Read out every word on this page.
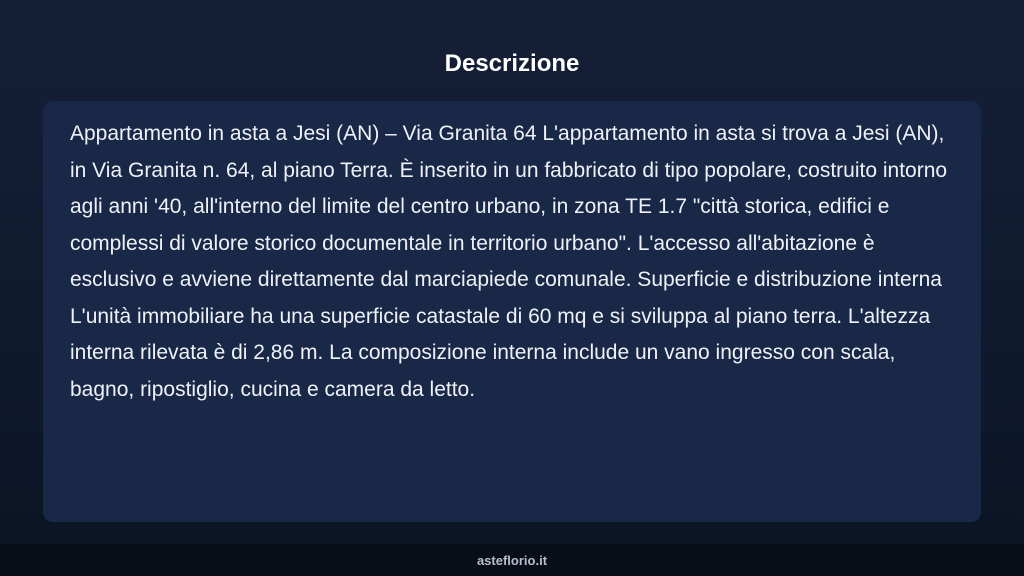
Descrizione

Appartamento in asta a Jesi (AN) – Via Granita 64 L'appartamento in asta si trova a Jesi (AN), in Via Granita n. 64, al piano Terra. È inserito in un fabbricato di tipo popolare, costruito intorno agli anni '40, all'interno del limite del centro urbano, in zona TE 1.7 "città storica, edifici e complessi di valore storico documentale in territorio urbano". L'accesso all'abitazione è esclusivo e avviene direttamente dal marciapiede comunale. Superficie e distribuzione interna L'unità immobiliare ha una superficie catastale di 60 mq e si sviluppa al piano terra. L'altezza interna rilevata è di 2,86 m. La composizione interna include un vano ingresso con scala, bagno, ripostiglio, cucina e camera da letto.

asteflorio.it
